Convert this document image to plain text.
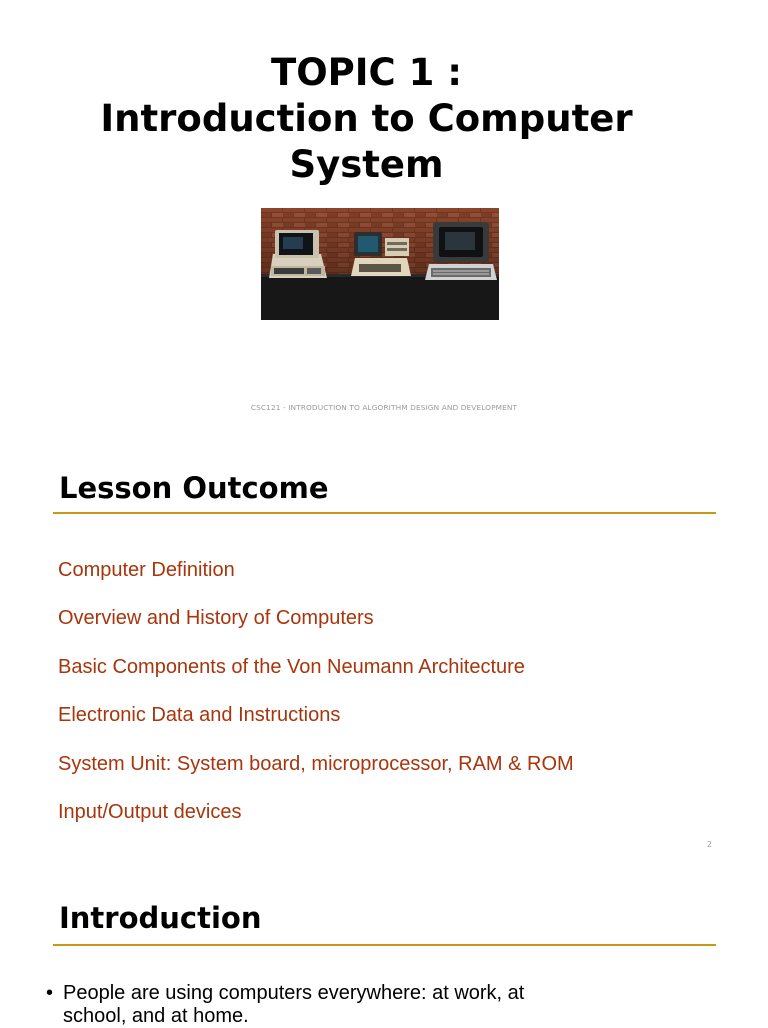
TOPIC 1 :
Introduction to Computer
System
CSC121 - INTRODUCTION TO ALGORITHM DESIGN AND DEVELOPMENT
Lesson Outcome
Computer Definition
Overview and History of Computers
Basic Components of the Von Neumann Architecture
Electronic Data and Instructions
System Unit: System board, microprocessor, RAM & ROM
Input/Output devices
2
Introduction
• People are using computers everywhere: at work, at school, and at home.
